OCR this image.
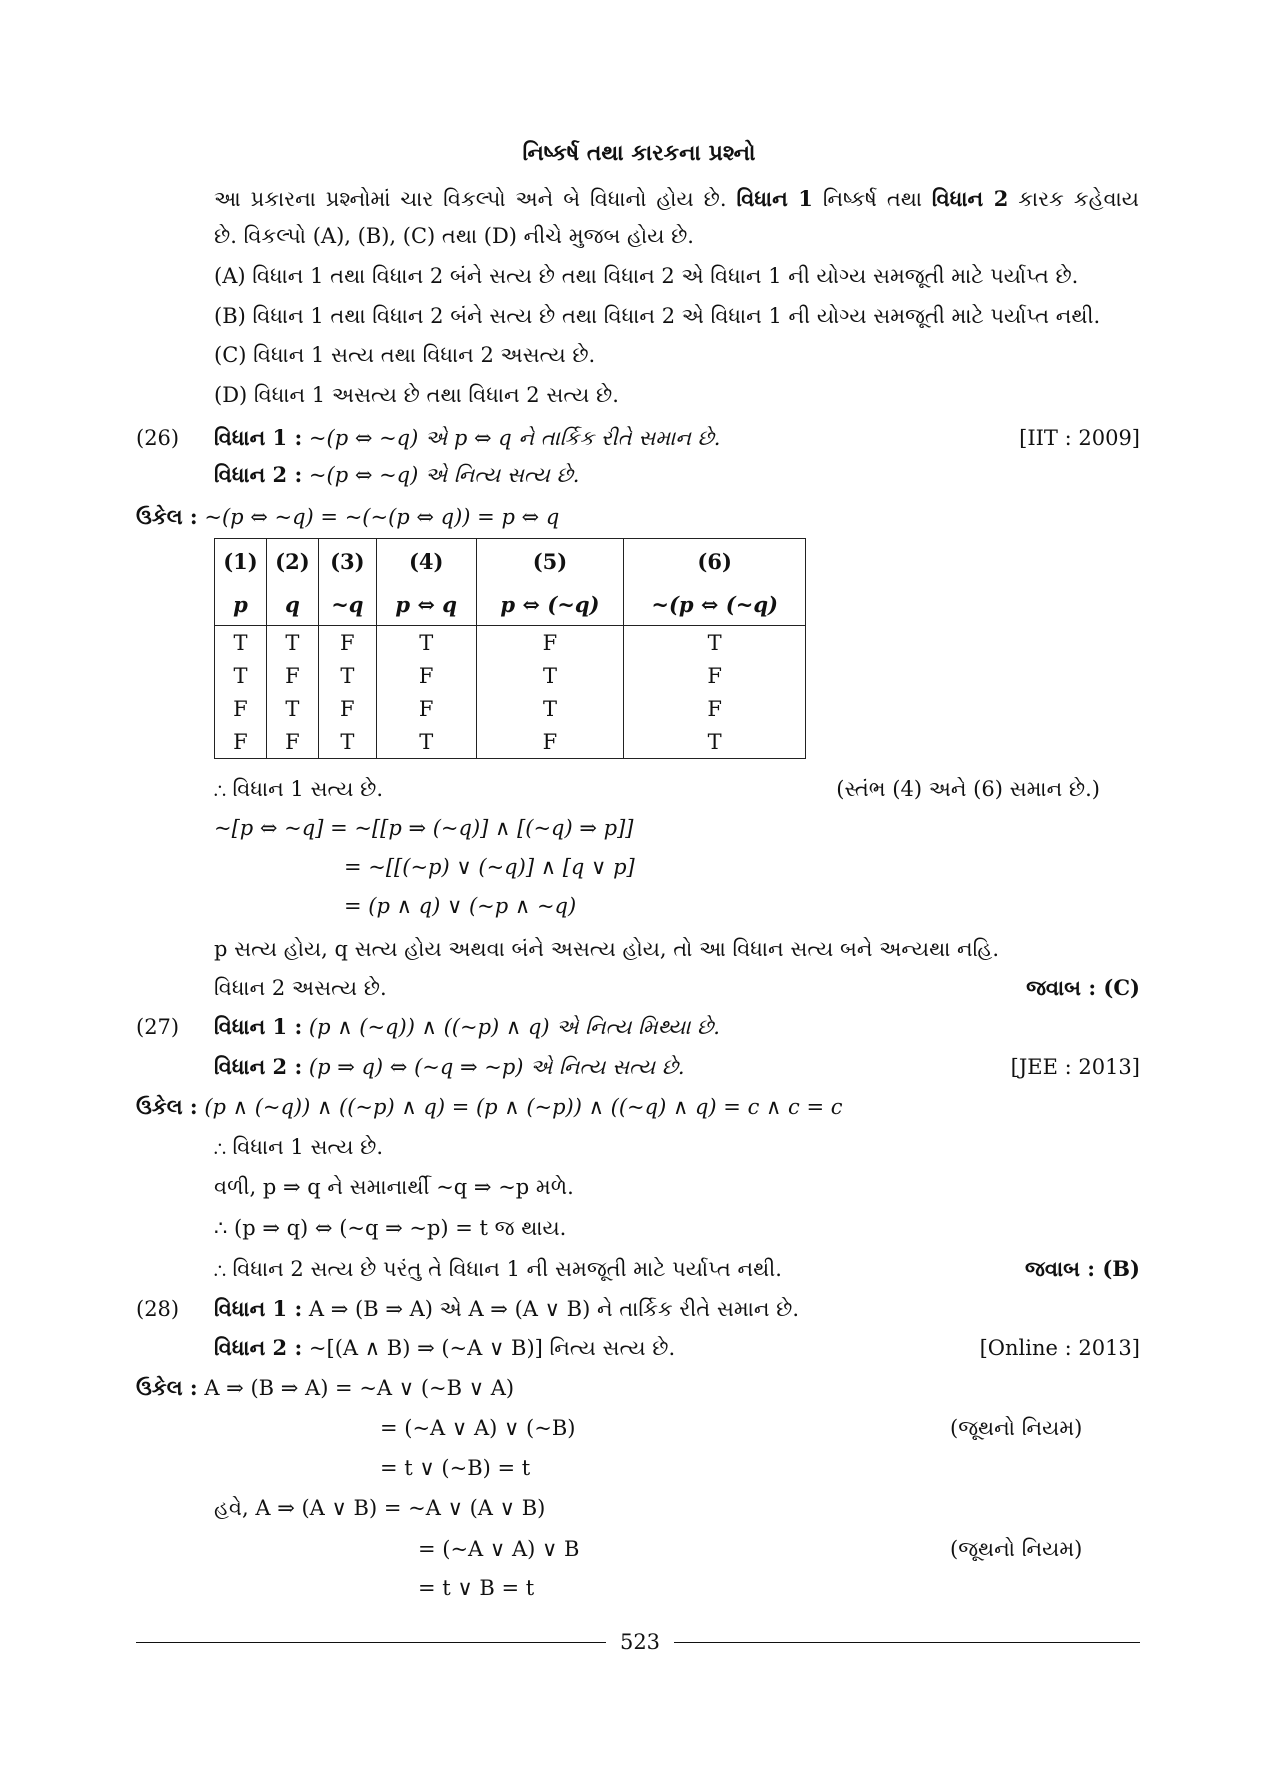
નિષ્કર્ષ તથા કારકના પ્રશ્નો
આ પ્રકારના પ્રશ્નોમાં ચાર વિકલ્પો અને બે વિધાનો હોય છે. વિધાન 1 નિષ્કર્ષ તથા વિધાન 2 કારક કહેવાય
છે. વિકલ્પો (A), (B), (C) તથા (D) નીચે મુજબ હોય છે.
(A) વિધાન 1 તથા વિધાન 2 બંને સત્ય છે તથા વિધાન 2 એ વિધાન 1 ની યોગ્ય સમજૂતી માટે પર્યાપ્ત છે.
(B) વિધાન 1 તથા વિધાન 2 બંને સત્ય છે તથા વિધાન 2 એ વિધાન 1 ની યોગ્ય સમજૂતી માટે પર્યાપ્ત નથી.
(C) વિધાન 1 સત્ય તથા વિધાન 2 અસત્ય છે.
(D) વિધાન 1 અસત્ય છે તથા વિધાન 2 સત્ય છે.
(26) વિધાન 1 : ~(p ⇔ ~q) એ p ⇔ q ને તાર્કિક રીતે સમાન છે.	[IIT : 2009]
વિધાન 2 : ~(p ⇔ ~q) એ નિત્ય સત્ય છે.
ઉકેલ : ~(p ⇔ ~q) = ~(~(p ⇔ q)) = p ⇔ q
(1)	(2)	(3)	(4)	(5)	(6)
p	q	~q	p ⇔ q	p ⇔ (~q)	~(p ⇔ (~q)
T	T	F	T	F	T
T	F	T	F	T	F
F	T	F	F	T	F
F	F	T	T	F	T
∴ વિધાન 1 સત્ય છે.	(સ્તંભ (4) અને (6) સમાન છે.)
~[p ⇔ ~q] = ~[[p ⇒ (~q)] ∧ [(~q) ⇒ p]]
= ~[[(~p) ∨ (~q)] ∧ [q ∨ p]
= (p ∧ q) ∨ (~p ∧ ~q)
p સત્ય હોય, q સત્ય હોય અથવા બંને અસત્ય હોય, તો આ વિધાન સત્ય બને અન્યથા નહિ.
વિધાન 2 અસત્ય છે.	જવાબ : (C)
(27) વિધાન 1 : (p ∧ (~q)) ∧ ((~p) ∧ q) એ નિત્ય મિથ્યા છે.
વિધાન 2 : (p ⇒ q) ⇔ (~q ⇒ ~p) એ નિત્ય સત્ય છે.	[JEE : 2013]
ઉકેલ : (p ∧ (~q)) ∧ ((~p) ∧ q) = (p ∧ (~p)) ∧ ((~q) ∧ q) = c ∧ c = c
∴ વિધાન 1 સત્ય છે.
વળી, p ⇒ q ને સમાનાર્થી ~q ⇒ ~p મળે.
∴ (p ⇒ q) ⇔ (~q ⇒ ~p) = t જ થાય.
∴ વિધાન 2 સત્ય છે પરંતુ તે વિધાન 1 ની સમજૂતી માટે પર્યાપ્ત નથી.	જવાબ : (B)
(28) વિધાન 1 : A ⇒ (B ⇒ A) એ A ⇒ (A ∨ B) ને તાર્કિક રીતે સમાન છે.
વિધાન 2 : ~[(A ∧ B) ⇒ (~A ∨ B)] નિત્ય સત્ય છે.	[Online : 2013]
ઉકેલ : A ⇒ (B ⇒ A) = ~A ∨ (~B ∨ A)
= (~A ∨ A) ∨ (~B)	(જૂથનો નિયમ)
= t ∨ (~B) = t
હવે, A ⇒ (A ∨ B) = ~A ∨ (A ∨ B)
= (~A ∨ A) ∨ B	(જૂથનો નિયમ)
= t ∨ B = t
523
